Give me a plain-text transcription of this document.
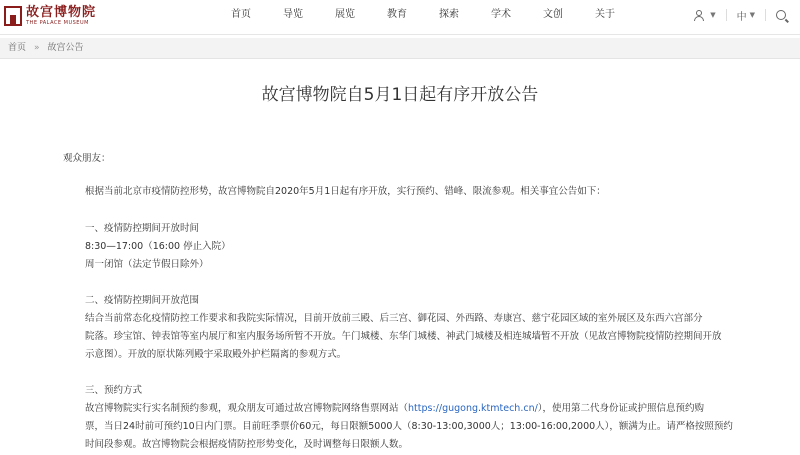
故宫博物院
THE PALACE MUSEUM
首页	导览	展览	教育	探索	学术	文创	关于	▼ 中 ▼
首页 » 故宫公告
故宫博物院自5月1日起有序开放公告
观众朋友：
根据当前北京市疫情防控形势，故宫博物院自2020年5月1日起有序开放，实行预约、错峰、限流参观。相关事宜公告如下：
一、疫情防控期间开放时间
8:30—17:00（16:00 停止入院）
周一闭馆（法定节假日除外）
二、疫情防控期间开放范围
结合当前常态化疫情防控工作要求和我院实际情况，目前开放前三殿、后三宫、御花园、外西路、寿康宫、慈宁花园区域的室外展区及东西六宫部分
院落。珍宝馆、钟表馆等室内展厅和室内服务场所暂不开放。午门城楼、东华门城楼、神武门城楼及相连城墙暂不开放（见故宫博物院疫情防控期间开放
示意图）。开放的原状陈列殿宇采取殿外护栏隔离的参观方式。
三、预约方式
故宫博物院实行实名制预约参观，观众朋友可通过故宫博物院网络售票网站（https://gugong.ktmtech.cn/），使用第二代身份证或护照信息预约购
票，当日24时前可预约10日内门票。目前旺季票价60元，每日限额5000人（8:30-13:00,3000人；13:00-16:00,2000人），额满为止。请严格按照预约
时间段参观。故宫博物院会根据疫情防控形势变化，及时调整每日限额人数。
